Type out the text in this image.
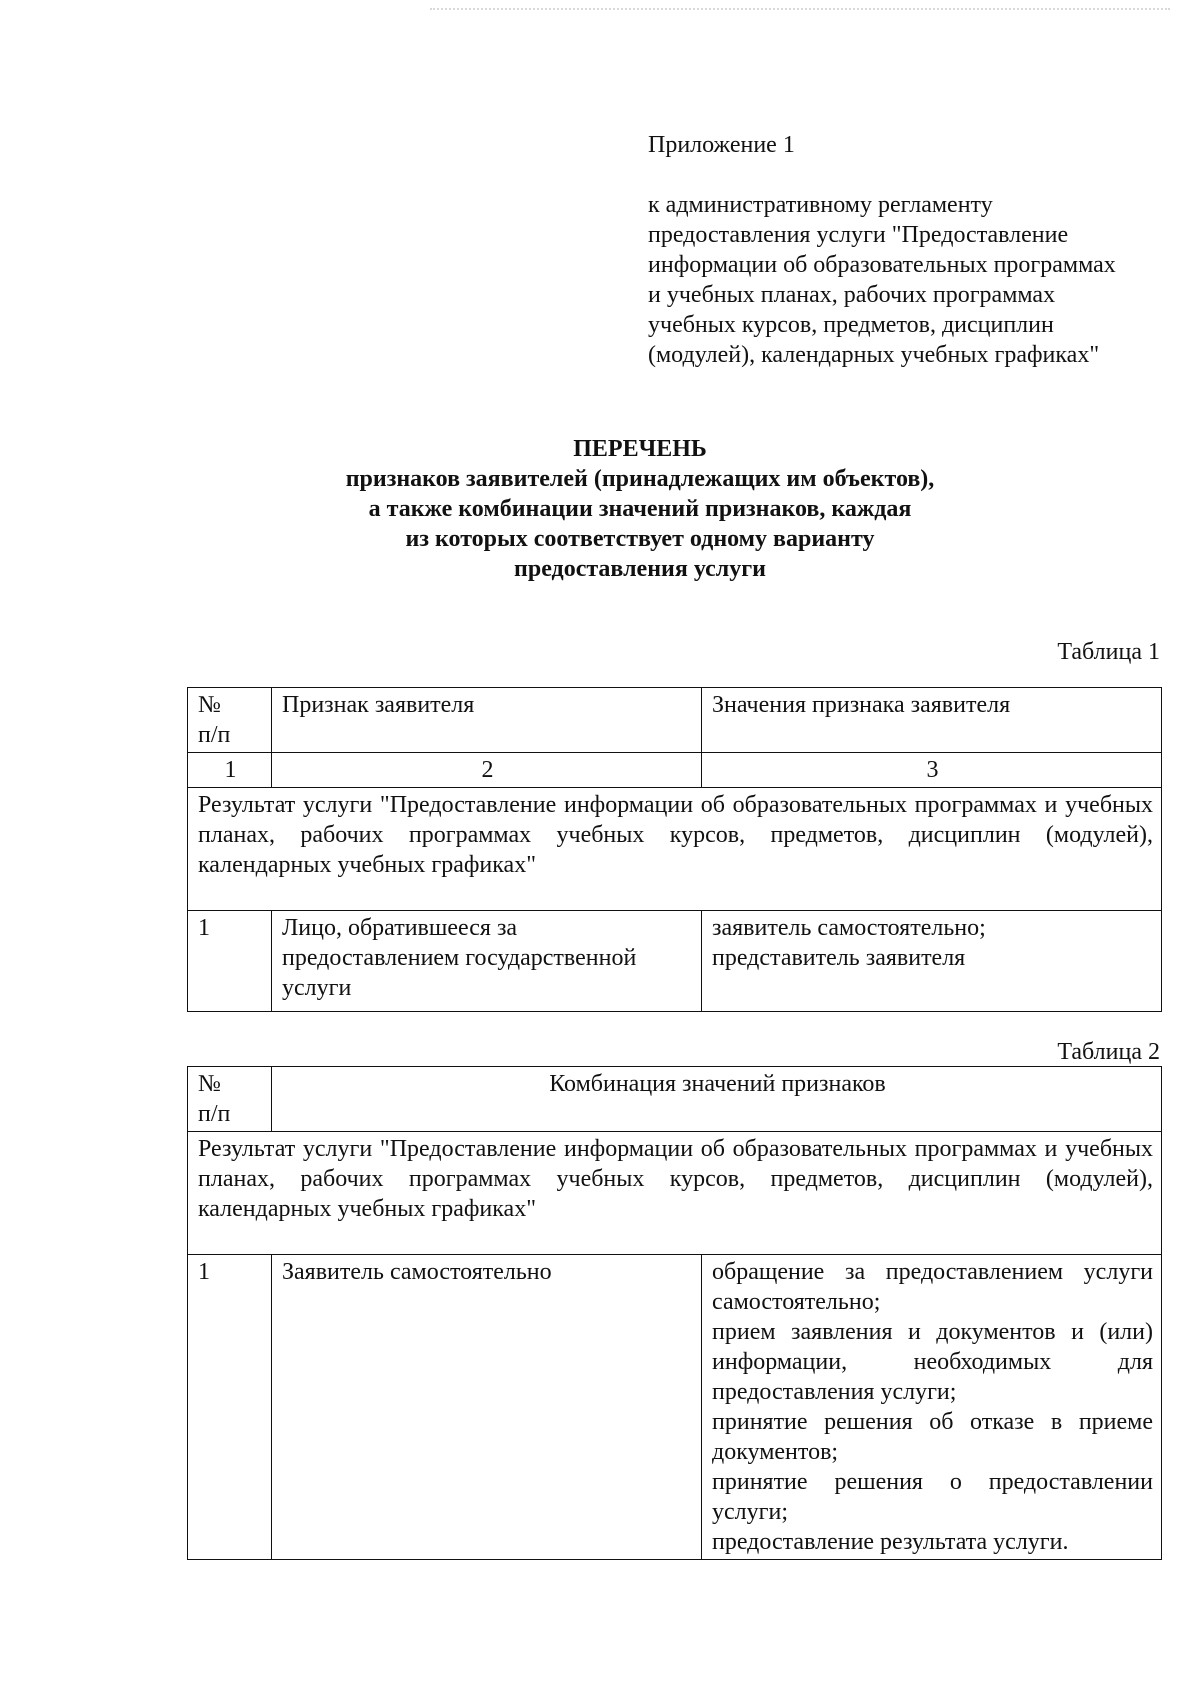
Приложение 1

к административному регламенту
предоставления услуги "Предоставление
информации об образовательных программах
и учебных планах, рабочих программах
учебных курсов, предметов, дисциплин
(модулей), календарных учебных графиках"

ПЕРЕЧЕНЬ

признаков заявителей (принадлежащих им объектов),
а также комбинации значений признаков, каждая
из которых соответствует одному варианту
предоставления услуги

Таблица 1
№
п/п	Признак заявителя	Значения признака заявителя
1	2	3
Результат услуги "Предоставление информации об образовательных программах и учебных планах, рабочих программах учебных курсов, предметов, дисциплин (модулей), календарных учебных графиках"		
1	Лицо, обратившееся за предоставлением государственной услуги	заявитель самостоятельно;
представитель заявителя
Таблица 2
№
п/п	Комбинация значений признаков	
Результат услуги "Предоставление информации об образовательных программах и учебных планах, рабочих программах учебных курсов, предметов, дисциплин (модулей), календарных учебных графиках"		
1	Заявитель самостоятельно	обращение за предоставлением услуги самостоятельно;
прием заявления и документов и (или) информации, необходимых для предоставления услуги;
принятие решения об отказе в приеме документов;
принятие решения о предоставлении услуги;
предоставление результата услуги.
